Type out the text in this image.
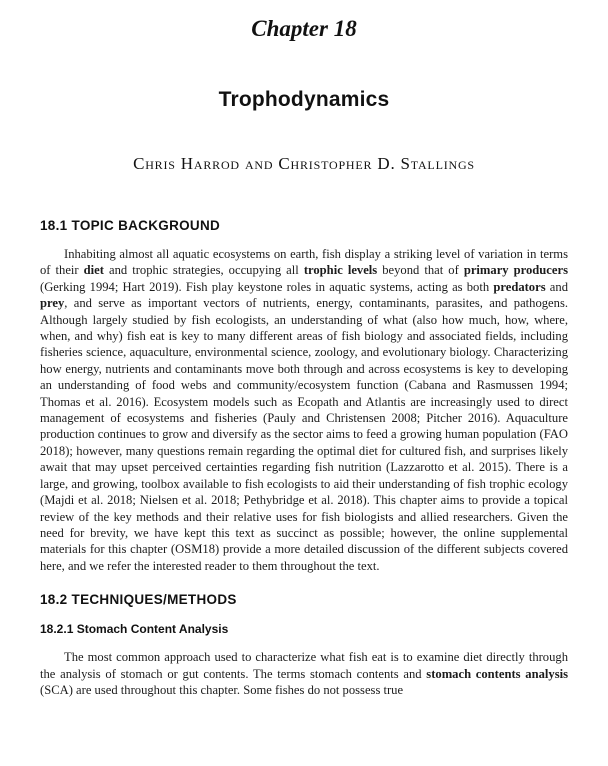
Chapter 18
Trophodynamics
Chris Harrod and Christopher D. Stallings
18.1 TOPIC BACKGROUND

Inhabiting almost all aquatic ecosystems on earth, fish display a striking level of variation in terms of their diet and trophic strategies, occupying all trophic levels beyond that of primary producers (Gerking 1994; Hart 2019). Fish play keystone roles in aquatic systems, acting as both predators and prey, and serve as important vectors of nutrients, energy, contaminants, parasites, and pathogens. Although largely studied by fish ecologists, an understanding of what (also how much, how, where, when, and why) fish eat is key to many different areas of fish biology and associated fields, including fisheries science, aquaculture, environmental science, zoology, and evolutionary biology. Characterizing how energy, nutrients and contaminants move both through and across ecosystems is key to developing an understanding of food webs and community/ecosystem function (Cabana and Rasmussen 1994; Thomas et al. 2016). Ecosystem models such as Ecopath and Atlantis are increasingly used to direct management of ecosystems and fisheries (Pauly and Christensen 2008; Pitcher 2016). Aquaculture production continues to grow and diversify as the sector aims to feed a growing human population (FAO 2018); however, many questions remain regarding the optimal diet for cultured fish, and surprises likely await that may upset perceived certainties regarding fish nutrition (Lazzarotto et al. 2015). There is a large, and growing, toolbox available to fish ecologists to aid their understanding of fish trophic ecology (Majdi et al. 2018; Nielsen et al. 2018; Pethybridge et al. 2018). This chapter aims to provide a topical review of the key methods and their relative uses for fish biologists and allied researchers. Given the need for brevity, we have kept this text as succinct as possible; however, the online supplemental materials for this chapter (OSM18) provide a more detailed discussion of the different subjects covered here, and we refer the interested reader to them throughout the text.

18.2 TECHNIQUES/METHODS
18.2.1 Stomach Content Analysis

The most common approach used to characterize what fish eat is to examine diet directly through the analysis of stomach or gut contents. The terms stomach contents and stomach contents analysis (SCA) are used throughout this chapter. Some fishes do not possess true
